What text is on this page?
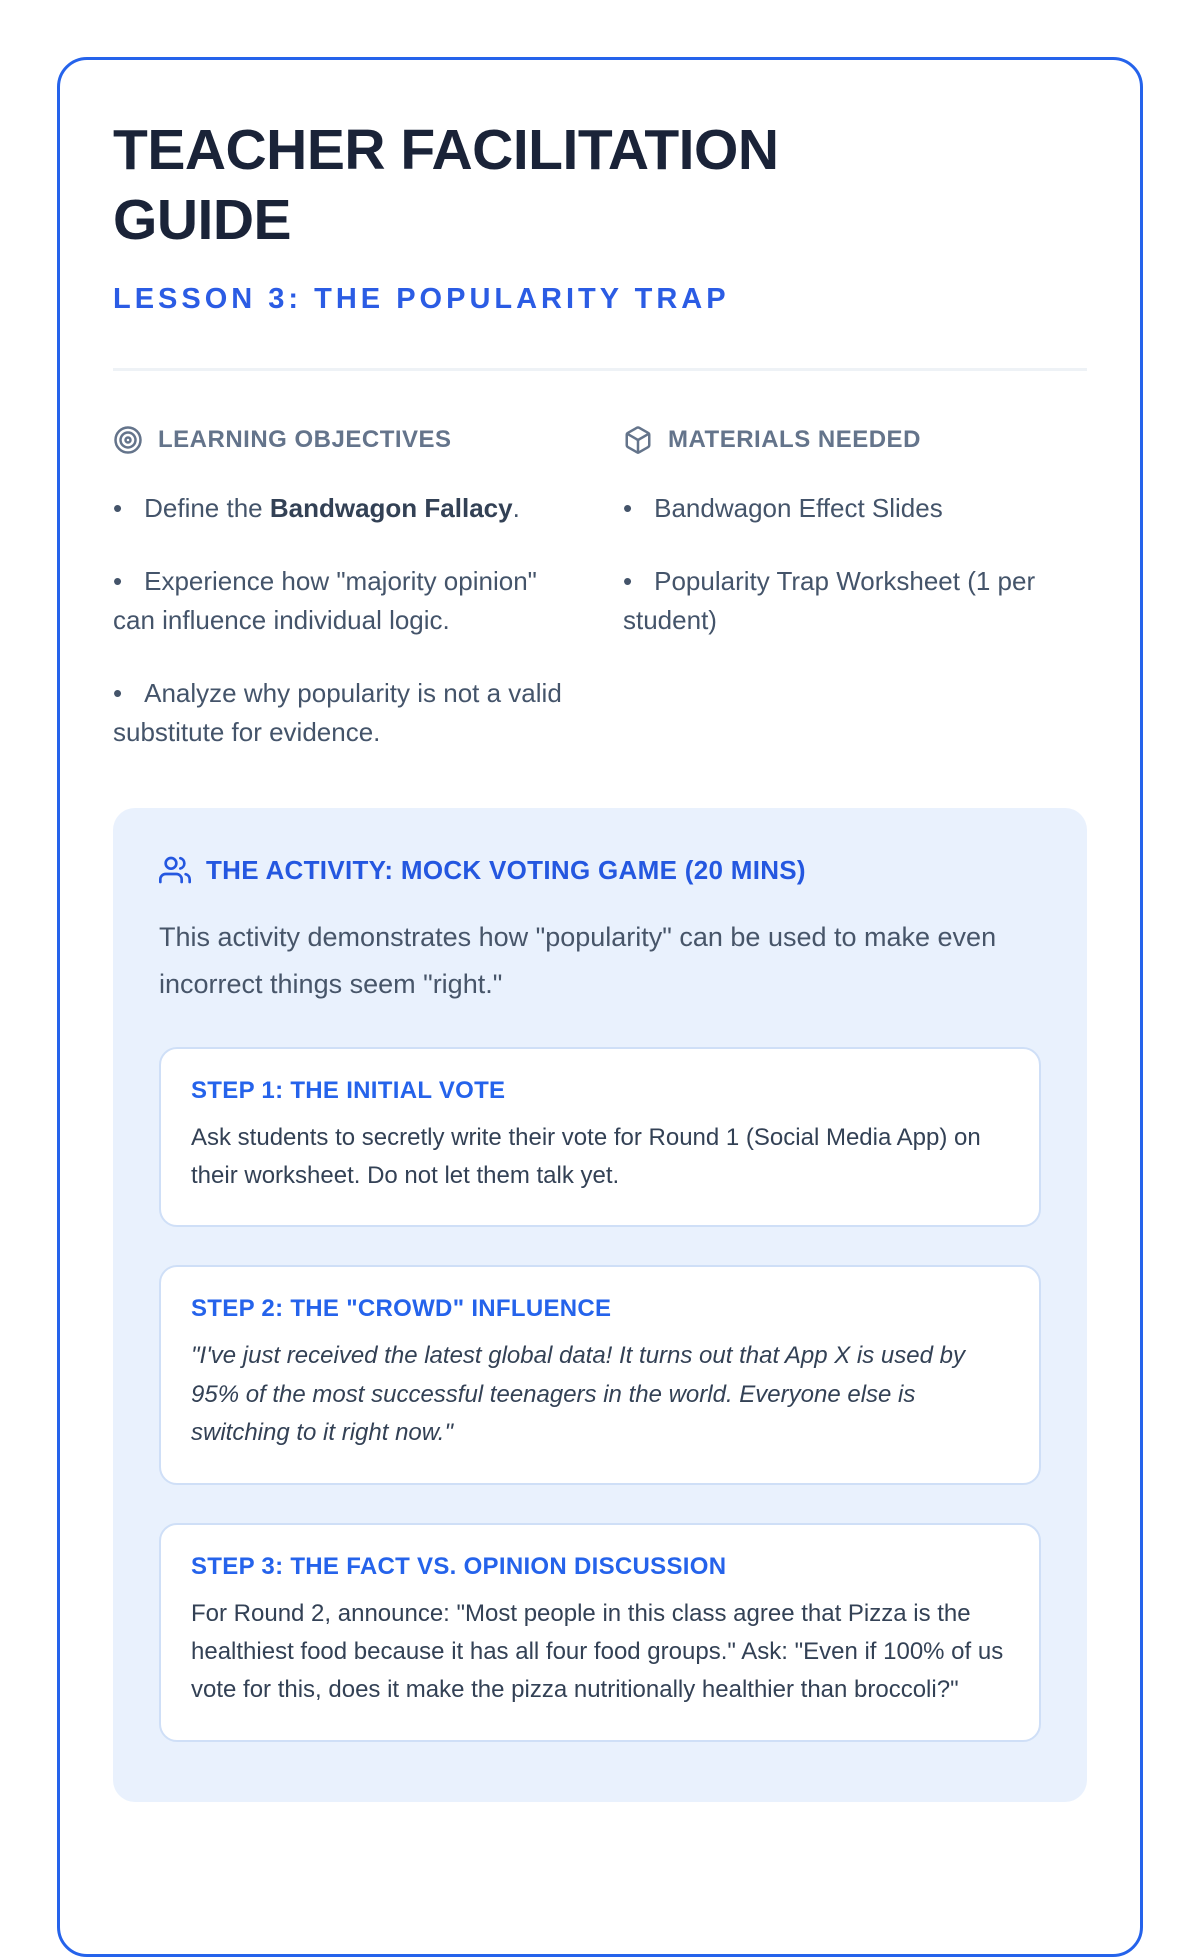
TEACHER FACILITATION GUIDE
LESSON 3: THE POPULARITY TRAP
LEARNING OBJECTIVES

• Define the Bandwagon Fallacy.

• Experience how "majority opinion" can influence individual logic.

• Analyze why popularity is not a valid substitute for evidence.

MATERIALS NEEDED

• Bandwagon Effect Slides

• Popularity Trap Worksheet (1 per student)

THE ACTIVITY: MOCK VOTING GAME (20 MINS)

This activity demonstrates how "popularity" can be used to make even incorrect things seem "right."

STEP 1: THE INITIAL VOTE

Ask students to secretly write their vote for Round 1 (Social Media App) on their worksheet. Do not let them talk yet.

STEP 2: THE "CROWD" INFLUENCE

"I've just received the latest global data! It turns out that App X is used by 95% of the most successful teenagers in the world. Everyone else is switching to it right now."

STEP 3: THE FACT VS. OPINION DISCUSSION

For Round 2, announce: "Most people in this class agree that Pizza is the healthiest food because it has all four food groups." Ask: "Even if 100% of us vote for this, does it make the pizza nutritionally healthier than broccoli?"
